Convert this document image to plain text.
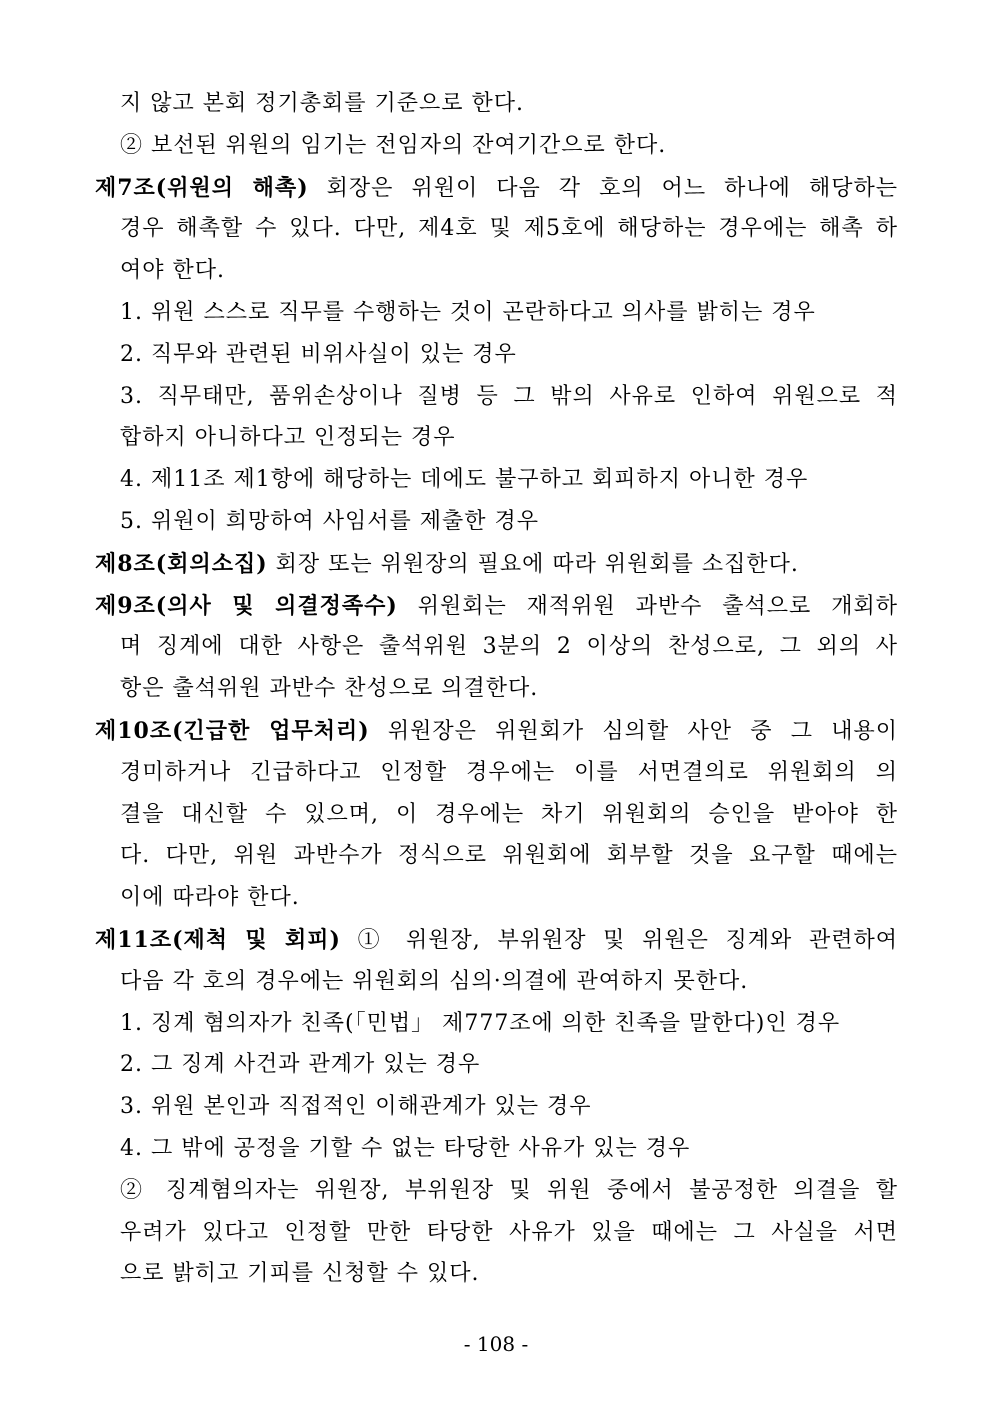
지 않고 본회 정기총회를 기준으로 한다.
② 보선된 위원의 임기는 전임자의 잔여기간으로 한다.
제7조(위원의 해촉) 회장은 위원이 다음 각 호의 어느 하나에 해당하는
경우 해촉할 수 있다. 다만, 제4호 및 제5호에 해당하는 경우에는 해촉 하
여야 한다.
1. 위원 스스로 직무를 수행하는 것이 곤란하다고 의사를 밝히는 경우
2. 직무와 관련된 비위사실이 있는 경우
3. 직무태만, 품위손상이나 질병 등 그 밖의 사유로 인하여 위원으로 적
합하지 아니하다고 인정되는 경우
4. 제11조 제1항에 해당하는 데에도 불구하고 회피하지 아니한 경우
5. 위원이 희망하여 사임서를 제출한 경우
제8조(회의소집) 회장 또는 위원장의 필요에 따라 위원회를 소집한다.
제9조(의사 및 의결정족수) 위원회는 재적위원 과반수 출석으로 개회하
며 징계에 대한 사항은 출석위원 3분의 2 이상의 찬성으로, 그 외의 사
항은 출석위원 과반수 찬성으로 의결한다.
제10조(긴급한 업무처리) 위원장은 위원회가 심의할 사안 중 그 내용이
경미하거나 긴급하다고 인정할 경우에는 이를 서면결의로 위원회의 의
결을 대신할 수 있으며, 이 경우에는 차기 위원회의 승인을 받아야 한
다. 다만, 위원 과반수가 정식으로 위원회에 회부할 것을 요구할 때에는
이에 따라야 한다.
제11조(제척 및 회피) ① 위원장, 부위원장 및 위원은 징계와 관련하여
다음 각 호의 경우에는 위원회의 심의·의결에 관여하지 못한다.
1. 징계 혐의자가 친족(「민법」 제777조에 의한 친족을 말한다)인 경우
2. 그 징계 사건과 관계가 있는 경우
3. 위원 본인과 직접적인 이해관계가 있는 경우
4. 그 밖에 공정을 기할 수 없는 타당한 사유가 있는 경우
② 징계혐의자는 위원장, 부위원장 및 위원 중에서 불공정한 의결을 할
우려가 있다고 인정할 만한 타당한 사유가 있을 때에는 그 사실을 서면
으로 밝히고 기피를 신청할 수 있다.
- 108 -
